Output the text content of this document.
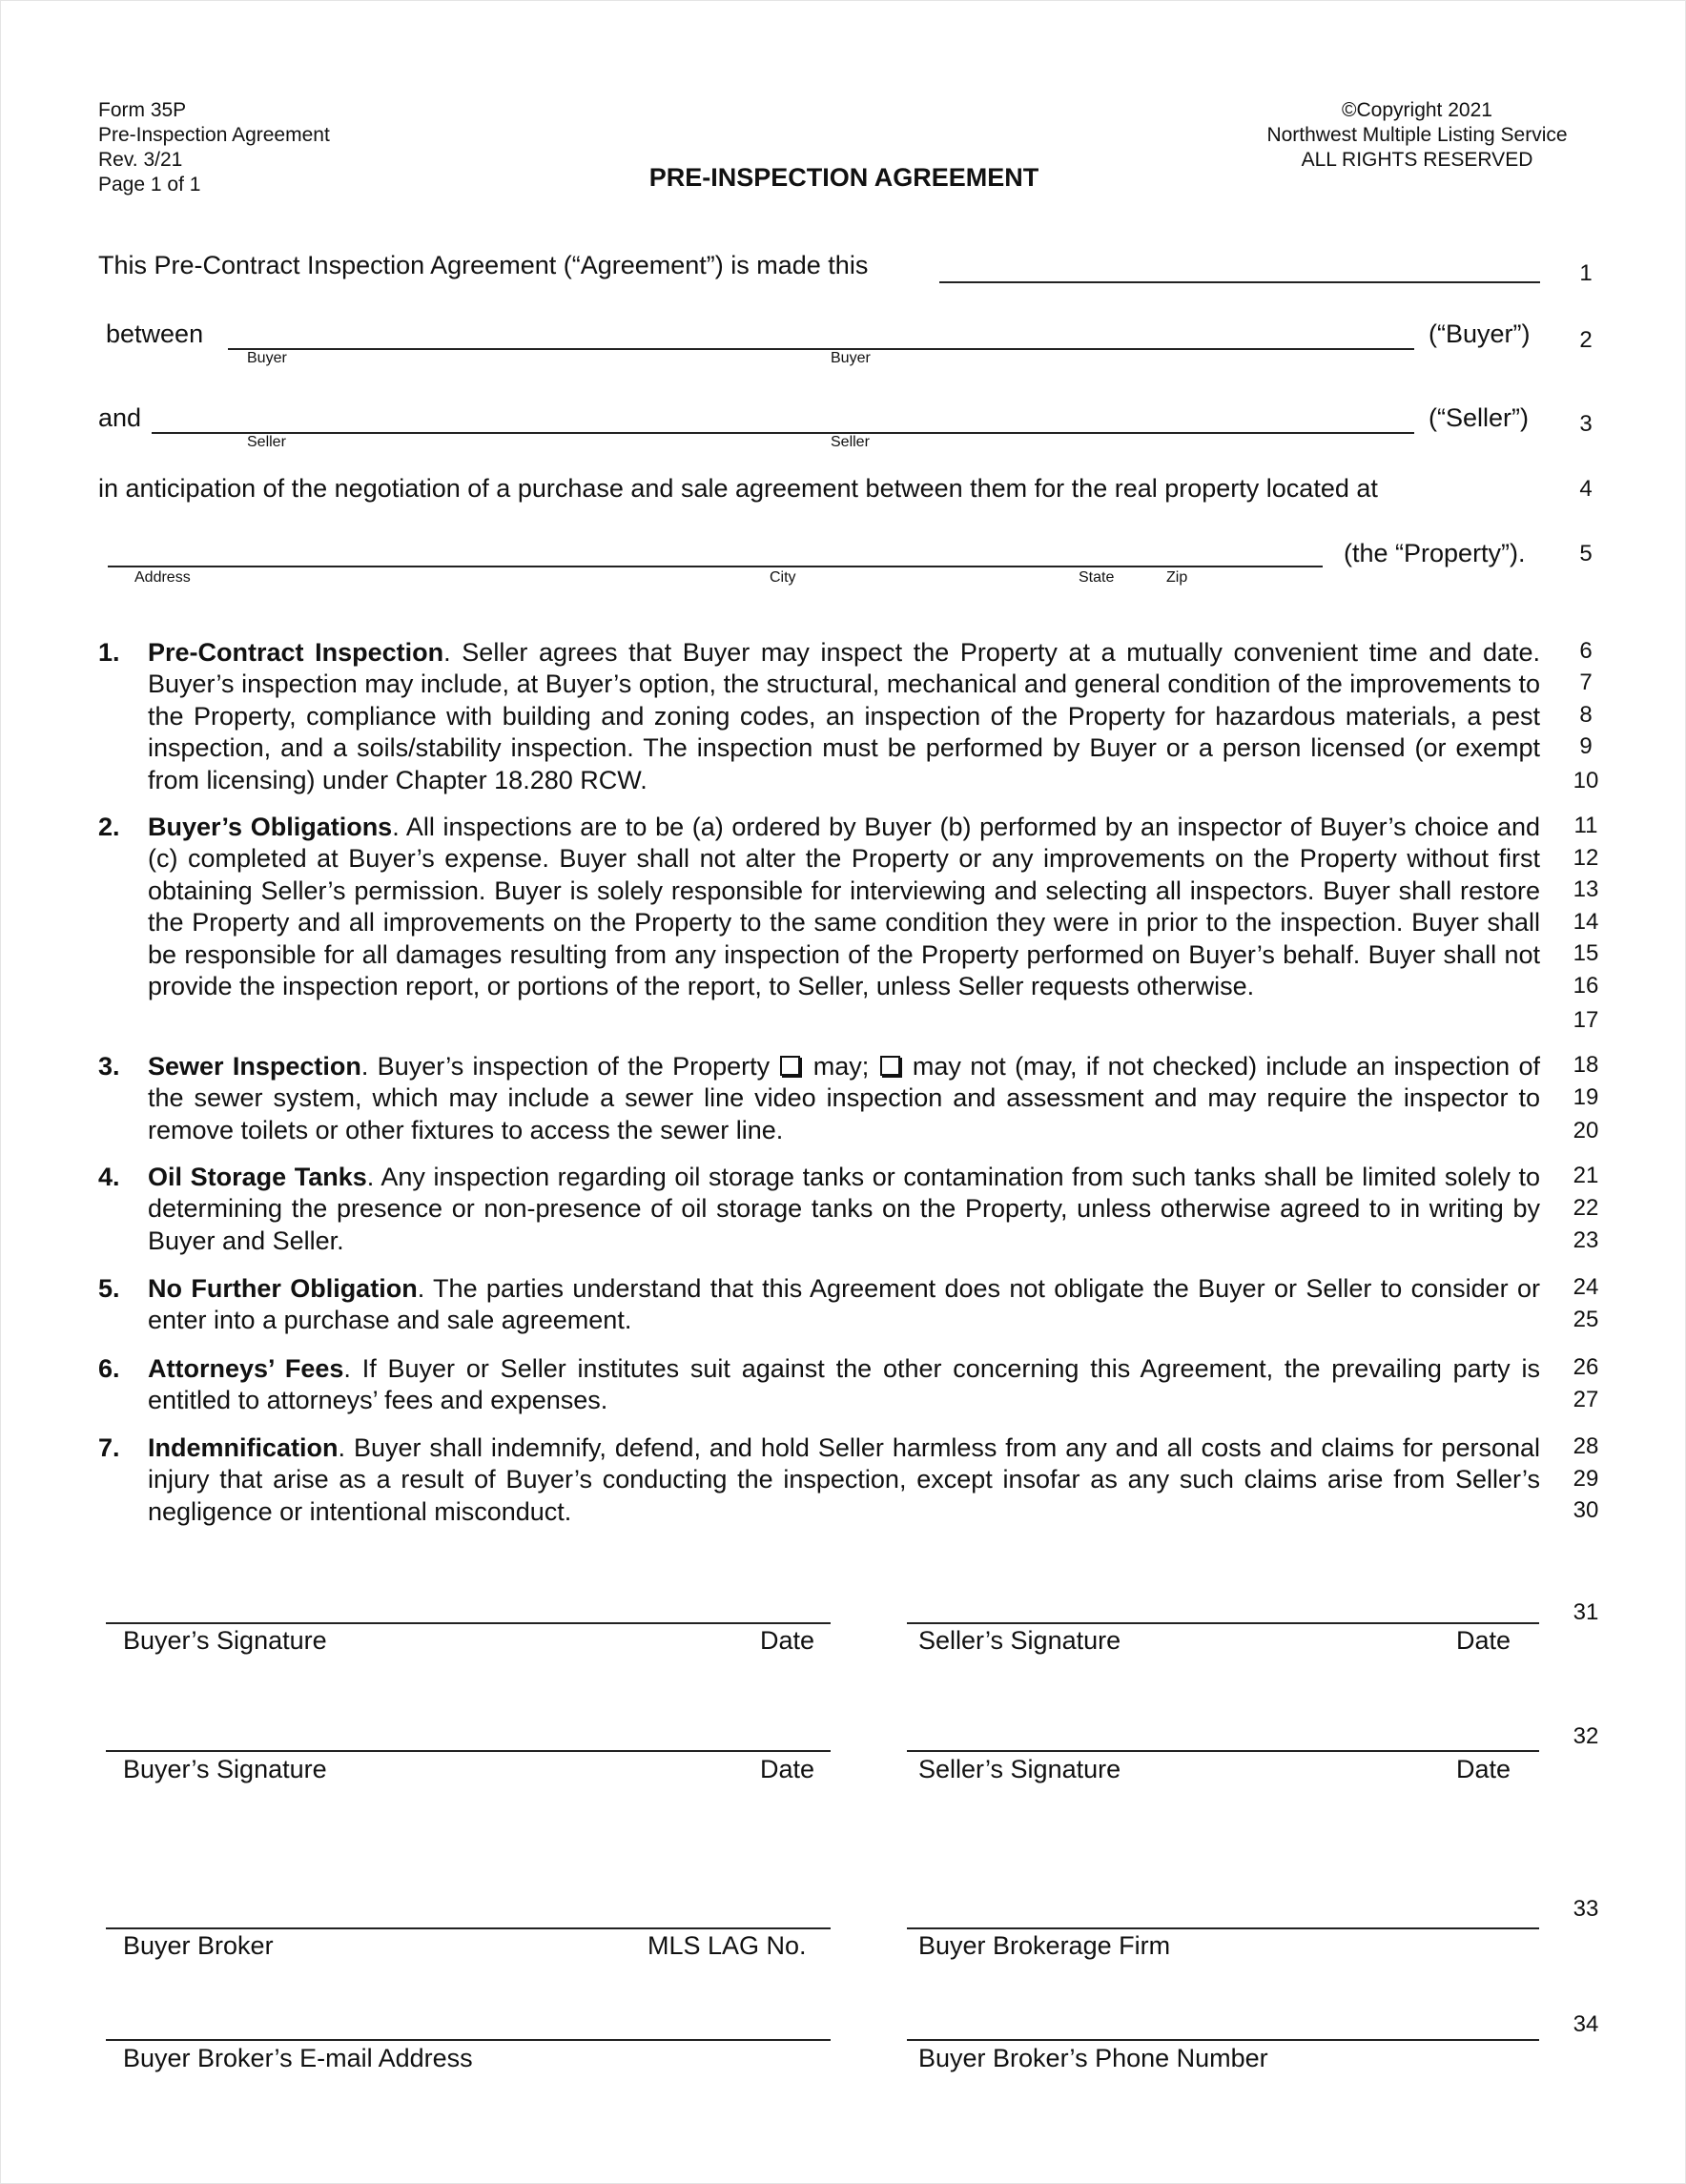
Form 35P
Pre-Inspection Agreement
Rev. 3/21
Page 1 of 1
©Copyright 2021
Northwest Multiple Listing Service
ALL RIGHTS RESERVED
PRE-INSPECTION AGREEMENT
This Pre-Contract Inspection Agreement (“Agreement”) is made this	1
between	(“Buyer”)
Buyer	Buyer
2
and	(“Seller”)
Seller	Seller
3
in anticipation of the negotiation of a purchase and sale agreement between them for the real property located at	4
(the “Property”).
Address	City	State	Zip
5
1. Pre-Contract Inspection. Seller agrees that Buyer may inspect the Property at a mutually convenient time and date. Buyer’s inspection may include, at Buyer’s option, the structural, mechanical and general condition of the improvements to the Property, compliance with building and zoning codes, an inspection of the Property for hazardous materials, a pest inspection, and a soils/stability inspection. The inspection must be performed by Buyer or a person licensed (or exempt from licensing) under Chapter 18.280 RCW.
6
7
8
9
10
2. Buyer’s Obligations. All inspections are to be (a) ordered by Buyer (b) performed by an inspector of Buyer’s choice and (c) completed at Buyer’s expense. Buyer shall not alter the Property or any improvements on the Property without first obtaining Seller’s permission. Buyer is solely responsible for interviewing and selecting all inspectors. Buyer shall restore the Property and all improvements on the Property to the same condition they were in prior to the inspection. Buyer shall be responsible for all damages resulting from any inspection of the Property performed on Buyer’s behalf. Buyer shall not provide the inspection report, or portions of the report, to Seller, unless Seller requests otherwise.
11
12
13
14
15
16
17
3. Sewer Inspection. Buyer’s inspection of the Property may; may not (may, if not checked) include an inspection of the sewer system, which may include a sewer line video inspection and assessment and may require the inspector to remove toilets or other fixtures to access the sewer line.
18
19
20
4. Oil Storage Tanks. Any inspection regarding oil storage tanks or contamination from such tanks shall be limited solely to determining the presence or non-presence of oil storage tanks on the Property, unless otherwise agreed to in writing by Buyer and Seller.
21
22
23
5. No Further Obligation. The parties understand that this Agreement does not obligate the Buyer or Seller to consider or enter into a purchase and sale agreement.
24
25
6. Attorneys’ Fees. If Buyer or Seller institutes suit against the other concerning this Agreement, the prevailing party is entitled to attorneys’ fees and expenses.
26
27
7. Indemnification. Buyer shall indemnify, defend, and hold Seller harmless from any and all costs and claims for personal injury that arise as a result of Buyer’s conducting the inspection, except insofar as any such claims arise from Seller’s negligence or intentional misconduct.
28
29
30
Buyer’s Signature	Date	Seller’s Signature	Date
31
Buyer’s Signature	Date	Seller’s Signature	Date
32
Buyer Broker	MLS LAG No.	Buyer Brokerage Firm
33
Buyer Broker’s E-mail Address	Buyer Broker’s Phone Number
34
